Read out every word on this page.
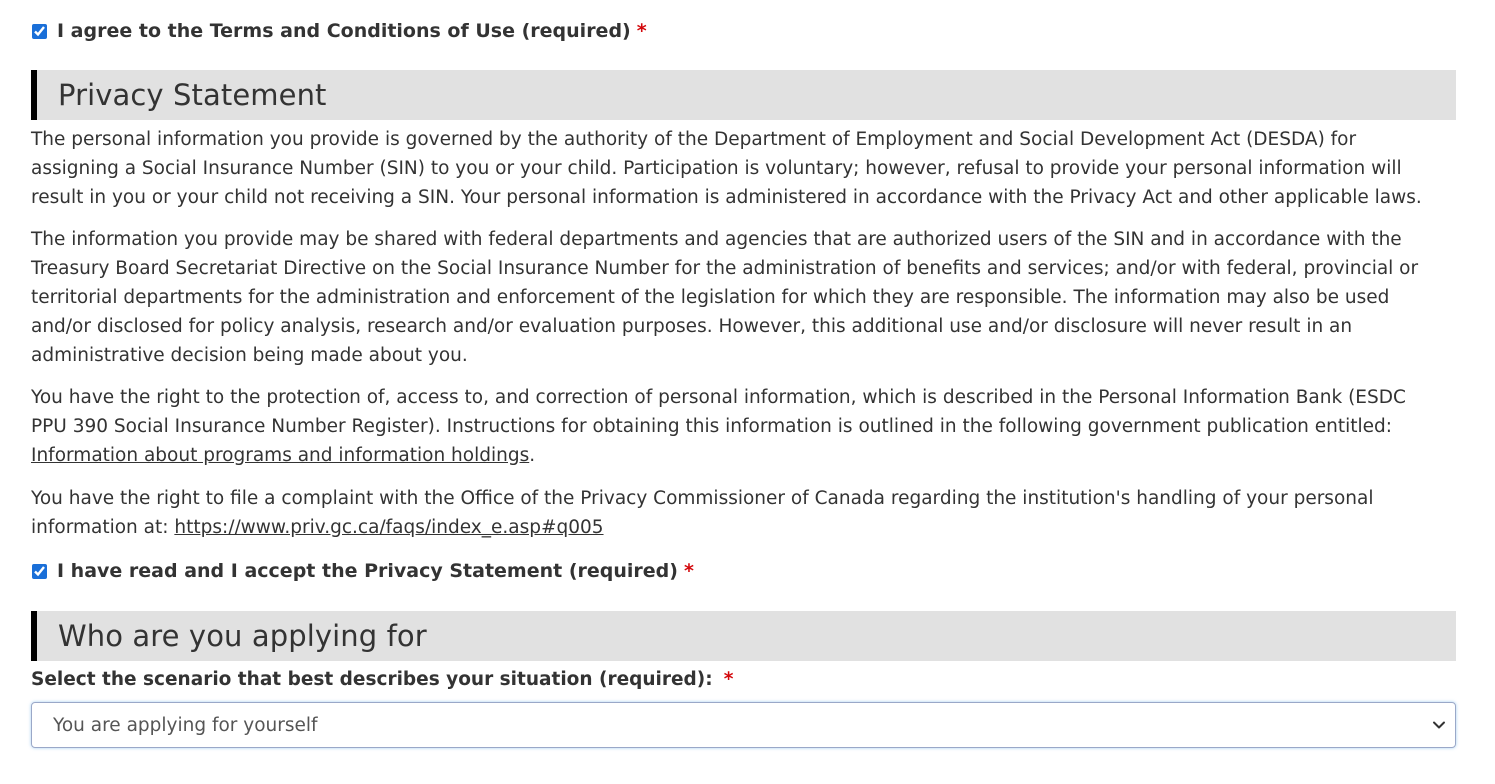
I agree to the Terms and Conditions of Use (required) *
Privacy Statement

The personal information you provide is governed by the authority of the Department of Employment and Social Development Act (DESDA) for assigning a Social Insurance Number (SIN) to you or your child. Participation is voluntary; however, refusal to provide your personal information will result in you or your child not receiving a SIN. Your personal information is administered in accordance with the Privacy Act and other applicable laws.

The information you provide may be shared with federal departments and agencies that are authorized users of the SIN and in accordance with the Treasury Board Secretariat Directive on the Social Insurance Number for the administration of benefits and services; and/or with federal, provincial or territorial departments for the administration and enforcement of the legislation for which they are responsible. The information may also be used and/or disclosed for policy analysis, research and/or evaluation purposes. However, this additional use and/or disclosure will never result in an administrative decision being made about you.

You have the right to the protection of, access to, and correction of personal information, which is described in the Personal Information Bank (ESDC PPU 390 Social Insurance Number Register). Instructions for obtaining this information is outlined in the following government publication entitled: Information about programs and information holdings.

You have the right to file a complaint with the Office of the Privacy Commissioner of Canada regarding the institution's handling of your personal information at: https://www.priv.gc.ca/faqs/index_e.asp#q005

I have read and I accept the Privacy Statement (required) *
Who are you applying for
Select the scenario that best describes your situation (required): *
You are applying for yourself
